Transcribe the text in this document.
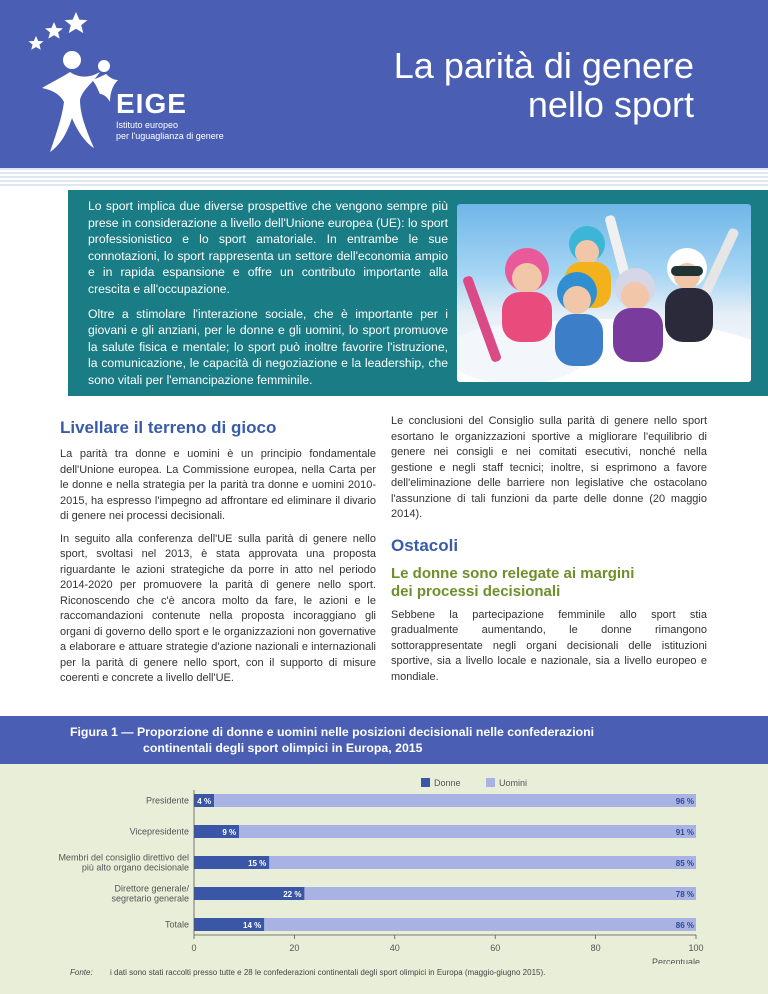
EIGE
Istituto europeo
per l'uguaglianza di genere
La parità di genere
nello sport

Lo sport implica due diverse prospettive che vengono sempre più prese in considerazione a livello dell'Unione europea (UE): lo sport professionistico e lo sport amatoriale. In entrambe le sue connotazioni, lo sport rappresenta un settore dell'economia ampio e in rapida espansione e offre un contributo importante alla crescita e all'occupazione.

Oltre a stimolare l'interazione sociale, che è importante per i giovani e gli anziani, per le donne e gli uomini, lo sport promuove la salute fisica e mentale; lo sport può inoltre favorire l'istruzione, la comunicazione, le capacità di negoziazione e la leadership, che sono vitali per l'emancipazione femminile.

Livellare il terreno di gioco

La parità tra donne e uomini è un principio fondamentale dell'Unione europea. La Commissione europea, nella Carta per le donne e nella strategia per la parità tra donne e uomini 2010-2015, ha espresso l'impegno ad affrontare ed eliminare il divario di genere nei processi decisionali.

In seguito alla conferenza dell'UE sulla parità di genere nello sport, svoltasi nel 2013, è stata approvata una proposta riguardante le azioni strategiche da porre in atto nel periodo 2014-2020 per promuovere la parità di genere nello sport. Riconoscendo che c'è ancora molto da fare, le azioni e le raccomandazioni contenute nella proposta incoraggiano gli organi di governo dello sport e le organizzazioni non governative a elaborare e attuare strategie d'azione nazionali e internazionali per la parità di genere nello sport, con il supporto di misure coerenti e concrete a livello dell'UE.

Le conclusioni del Consiglio sulla parità di genere nello sport esortano le organizzazioni sportive a migliorare l'equilibrio di genere nei consigli e nei comitati esecutivi, nonché nella gestione e negli staff tecnici; inoltre, si esprimono a favore dell'eliminazione delle barriere non legislative che ostacolano l'assunzione di tali funzioni da parte delle donne (20 maggio 2014).

Ostacoli
Le donne sono relegate ai margini
dei processi decisionali

Sebbene la partecipazione femminile allo sport stia gradualmente aumentando, le donne rimangono sottorappresentate negli organi decisionali delle istituzioni sportive, sia a livello locale e nazionale, sia a livello europeo e mondiale.

Figura 1 — Proporzione di donne e uomini nelle posizioni decisionali nelle confederazioni
continentali degli sport olimpici in Europa, 2015
Donne	Uomini
Presidente 4 %	96 %
Vicepresidente	9 %	91 %
Membri del consiglio direttivo del
più alto organo decisionale	15 %	85 %
Direttore generale/
segretario generale	22 %	78 %
Totale	14 %	86 %
0	20	40	60	80	100
Percentuale
Fonte: i dati sono stati raccolti presso tutte e 28 le confederazioni continentali degli sport olimpici in Europa (maggio-giugno 2015).
